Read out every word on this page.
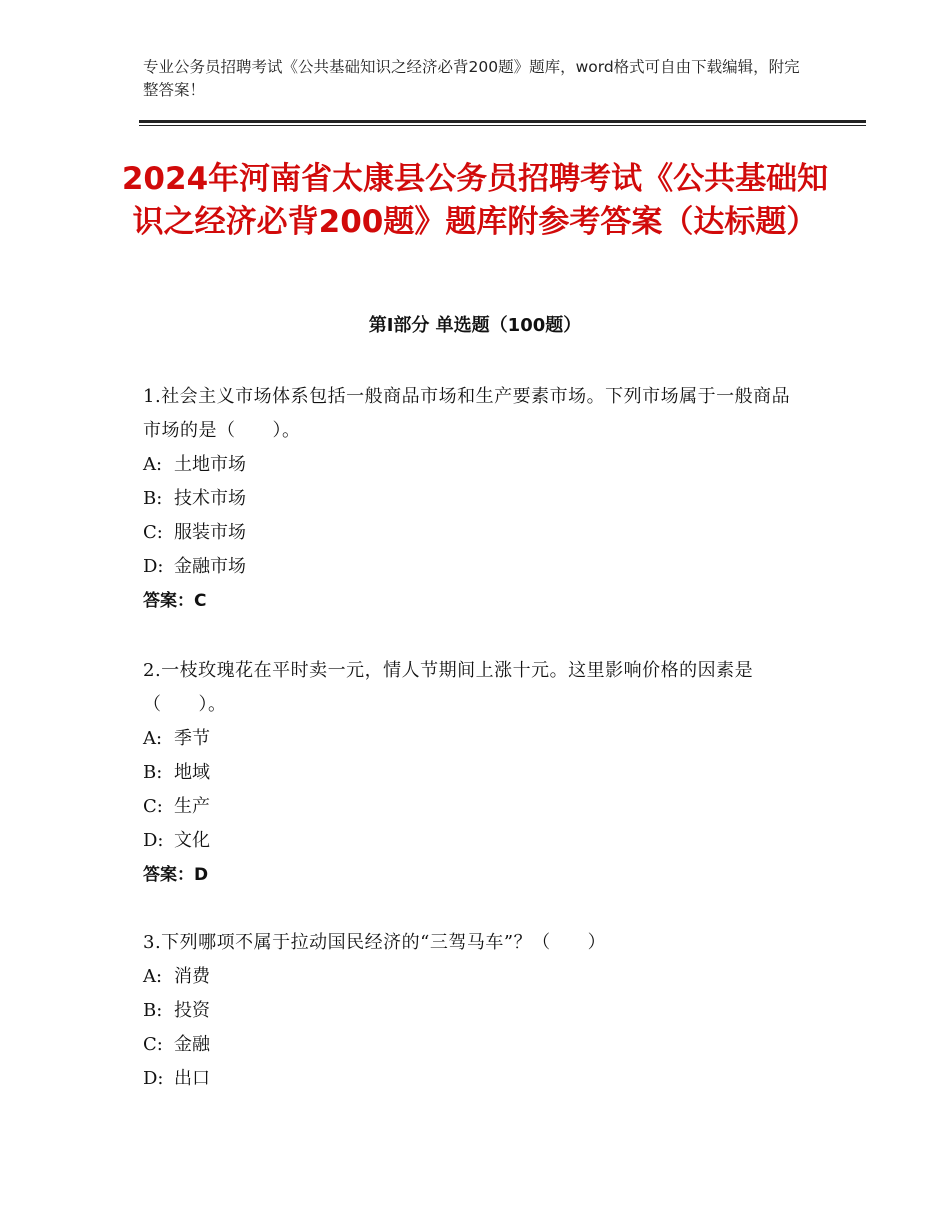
专业公务员招聘考试《公共基础知识之经济必背200题》题库，word格式可自由下载编辑，附完整答案！
2024年河南省太康县公务员招聘考试《公共基础知识之经济必背200题》题库附参考答案（达标题）
第Ⅰ部分 单选题（100题）
1.社会主义市场体系包括一般商品市场和生产要素市场。下列市场属于一般商品市场的是（　　）。
A: 土地市场
B: 技术市场
C: 服装市场
D: 金融市场
答案：C
2.一枝玫瑰花在平时卖一元，情人节期间上涨十元。这里影响价格的因素是（　　）。
A: 季节
B: 地域
C: 生产
D: 文化
答案：D
3.下列哪项不属于拉动国民经济的“三驾马车”？（　　）
A: 消费
B: 投资
C: 金融
D: 出口
